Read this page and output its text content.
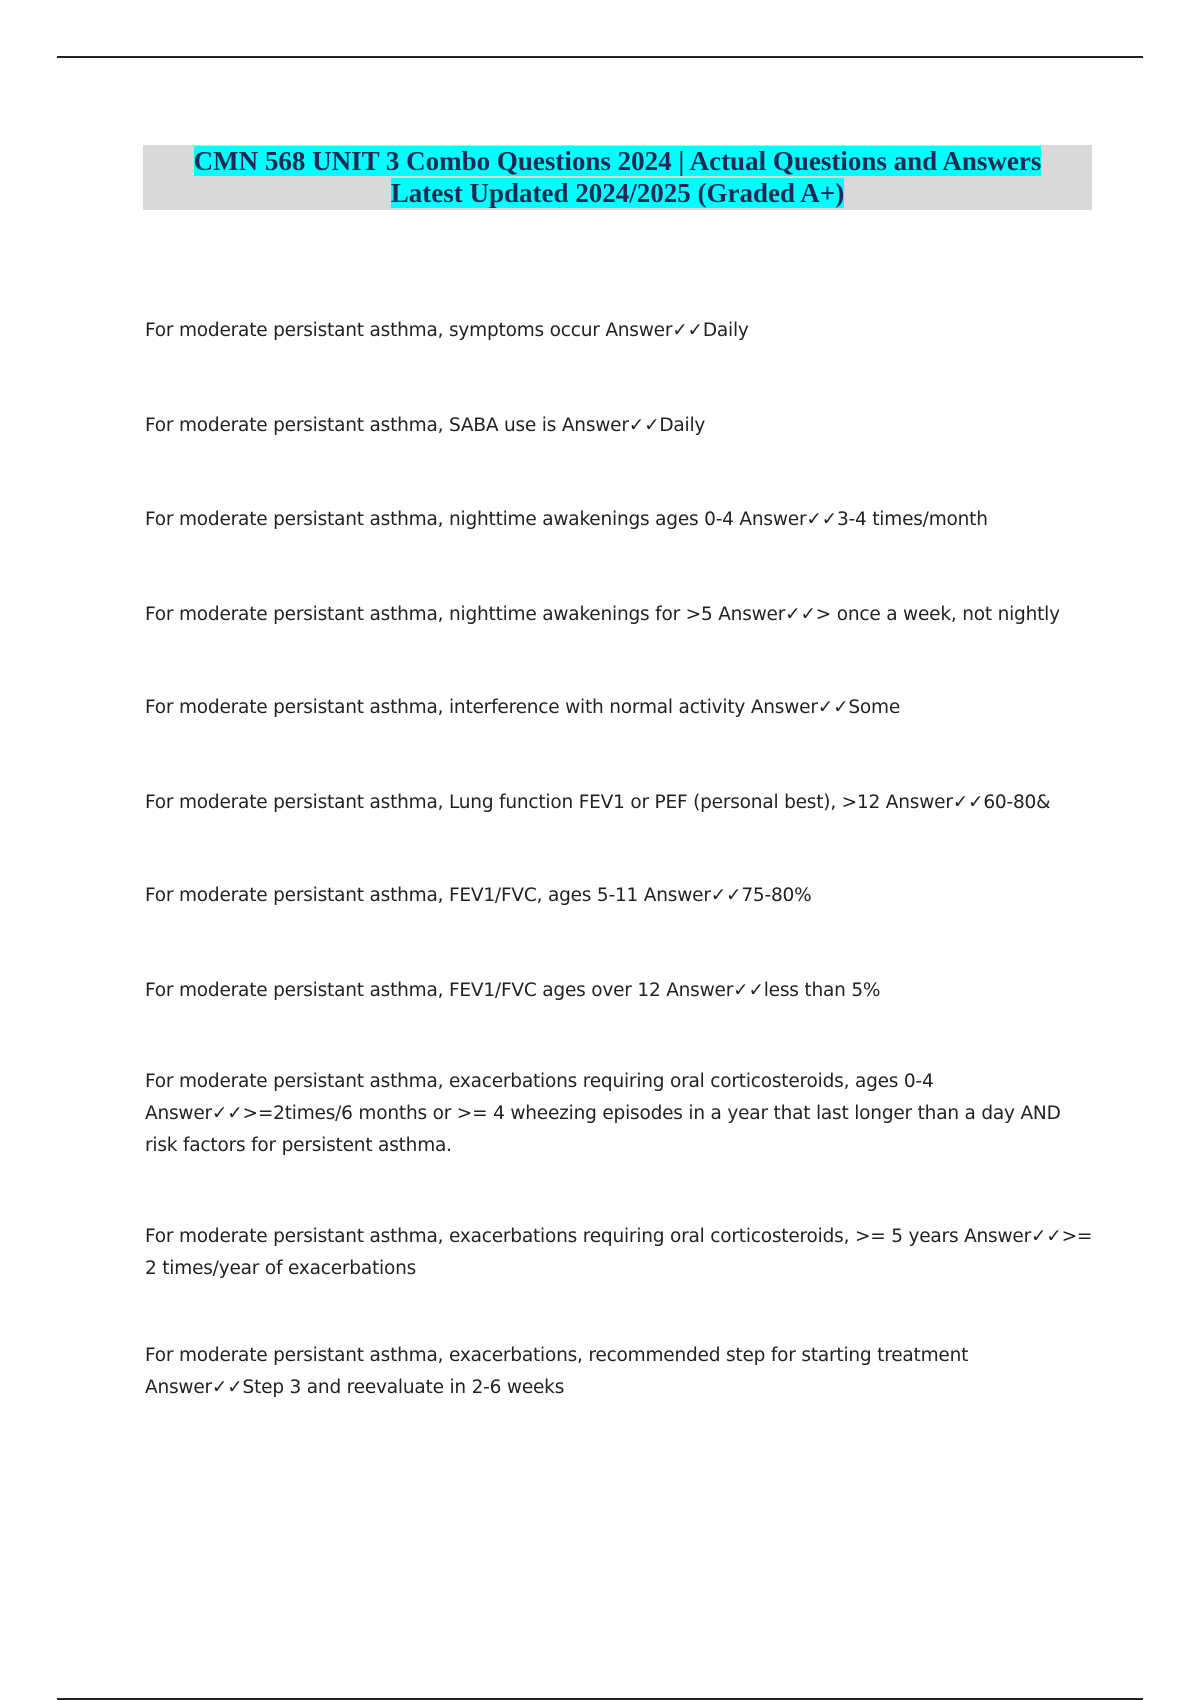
CMN 568 UNIT 3 Combo Questions 2024 | Actual Questions and Answers
Latest Updated 2024/2025 (Graded A+)
For moderate persistant asthma, symptoms occur Answer✓✓Daily
For moderate persistant asthma, SABA use is Answer✓✓Daily
For moderate persistant asthma, nighttime awakenings ages 0-4 Answer✓✓3-4 times/month
For moderate persistant asthma, nighttime awakenings for >5 Answer✓✓> once a week, not nightly
For moderate persistant asthma, interference with normal activity Answer✓✓Some
For moderate persistant asthma, Lung function FEV1 or PEF (personal best), >12 Answer✓✓60-80&
For moderate persistant asthma, FEV1/FVC, ages 5-11 Answer✓✓75-80%
For moderate persistant asthma, FEV1/FVC ages over 12 Answer✓✓less than 5%
For moderate persistant asthma, exacerbations requiring oral corticosteroids, ages 0-4 Answer✓✓>=2times/6 months or >= 4 wheezing episodes in a year that last longer than a day AND risk factors for persistent asthma.
For moderate persistant asthma, exacerbations requiring oral corticosteroids, >= 5 years Answer✓✓>= 2 times/year of exacerbations
For moderate persistant asthma, exacerbations, recommended step for starting treatment Answer✓✓Step 3 and reevaluate in 2-6 weeks
